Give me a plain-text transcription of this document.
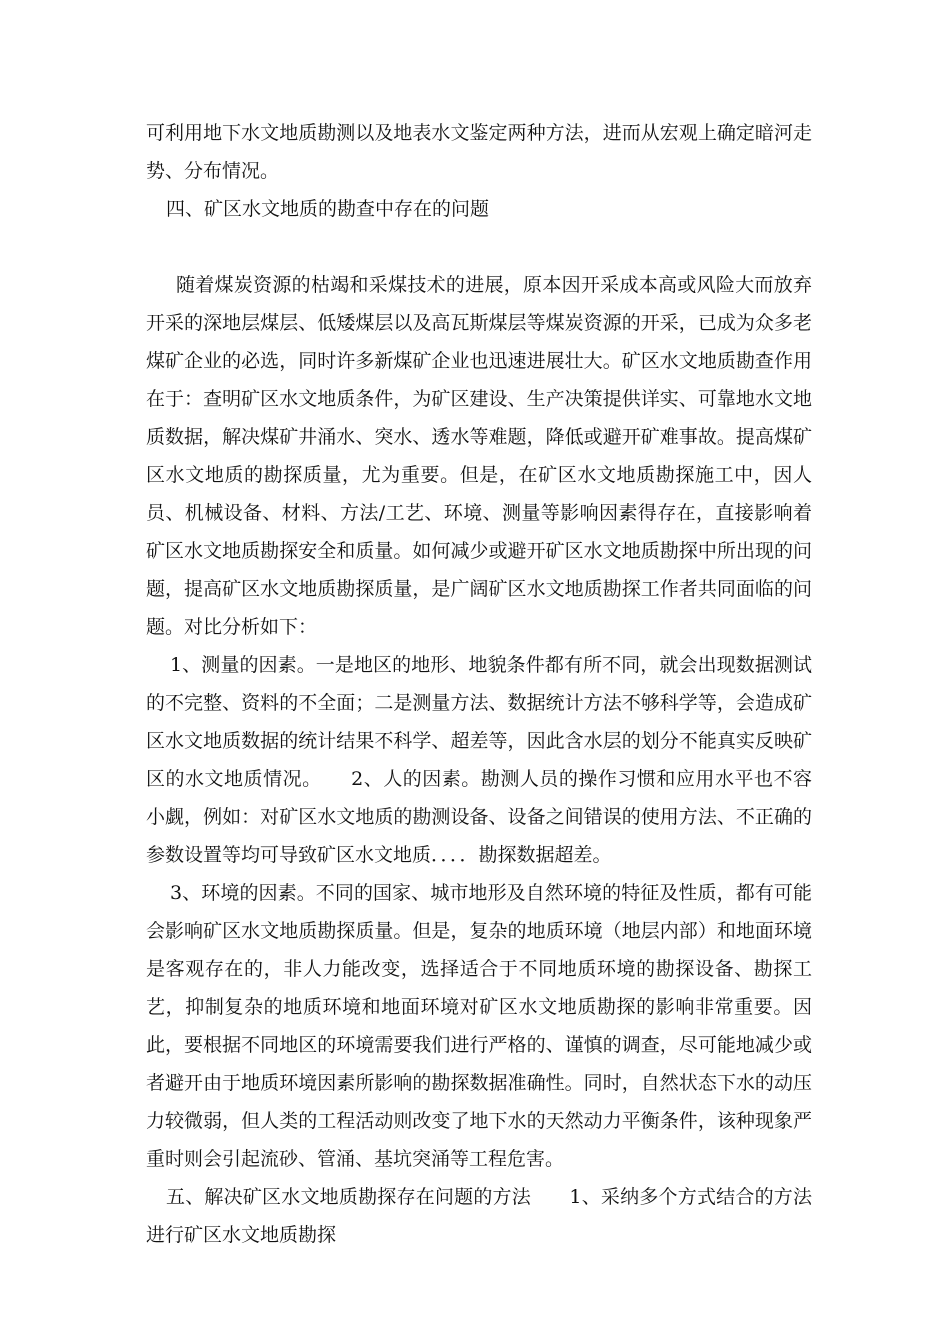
可利用地下水文地质勘测以及地表水文鉴定两种方法，进而从宏观上确定暗河走势、分布情况。

四、矿区水文地质的勘查中存在的问题

随着煤炭资源的枯竭和采煤技术的进展，原本因开采成本高或风险大而放弃开采的深地层煤层、低矮煤层以及高瓦斯煤层等煤炭资源的开采，已成为众多老煤矿企业的必选，同时许多新煤矿企业也迅速进展壮大。矿区水文地质勘查作用在于：查明矿区水文地质条件，为矿区建设、生产决策提供详实、可靠地水文地质数据，解决煤矿井涌水、突水、透水等难题，降低或避开矿难事故。提高煤矿区水文地质的勘探质量，尤为重要。但是，在矿区水文地质勘探施工中，因人员、机械设备、材料、方法/工艺、环境、测量等影响因素得存在，直接影响着矿区水文地质勘探安全和质量。如何减少或避开矿区水文地质勘探中所出现的问题，提高矿区水文地质勘探质量，是广阔矿区水文地质勘探工作者共同面临的问题。对比分析如下：

1、测量的因素。一是地区的地形、地貌条件都有所不同，就会出现数据测试的不完整、资料的不全面；二是测量方法、数据统计方法不够科学等，会造成矿区水文地质数据的统计结果不科学、超差等，因此含水层的划分不能真实反映矿区的水文地质情况。　　2、人的因素。勘测人员的操作习惯和应用水平也不容小觑，例如：对矿区水文地质的勘测设备、设备之间错误的使用方法、不正确的参数设置等均可导致矿区水文地质．．．．勘探数据超差。

3、环境的因素。不同的国家、城市地形及自然环境的特征及性质，都有可能会影响矿区水文地质勘探质量。但是，复杂的地质环境（地层内部）和地面环境是客观存在的，非人力能改变，选择适合于不同地质环境的勘探设备、勘探工艺，抑制复杂的地质环境和地面环境对矿区水文地质勘探的影响非常重要。因此，要根据不同地区的环境需要我们进行严格的、谨慎的调查，尽可能地减少或者避开由于地质环境因素所影响的勘探数据准确性。同时，自然状态下水的动压力较微弱，但人类的工程活动则改变了地下水的天然动力平衡条件，该种现象严重时则会引起流砂、管涌、基坑突涌等工程危害。

五、解决矿区水文地质勘探存在问题的方法　　1、采纳多个方式结合的方法进行矿区水文地质勘探
